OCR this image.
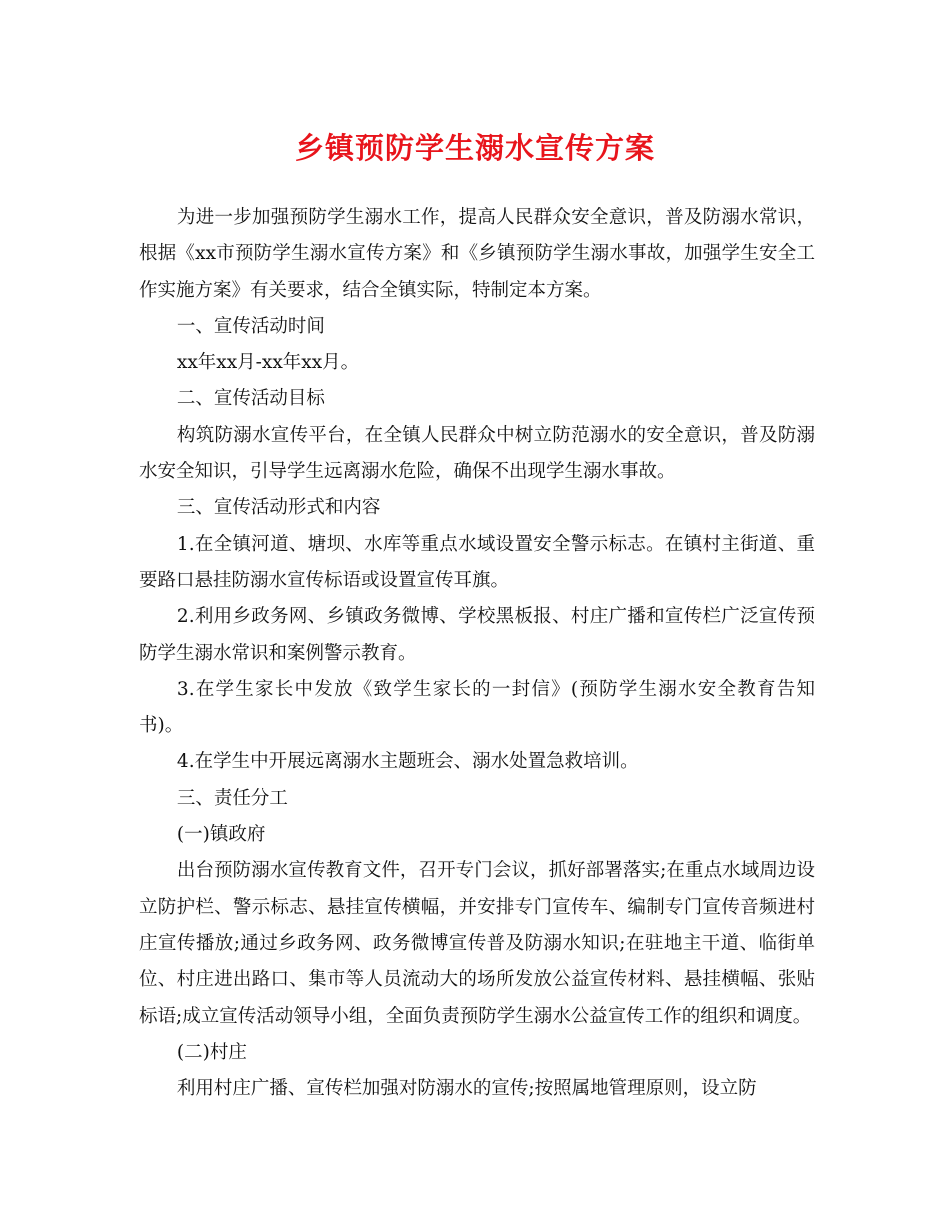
乡镇预防学生溺水宣传方案

为进一步加强预防学生溺水工作，提高人民群众安全意识，普及防溺水常识，根据《xx市预防学生溺水宣传方案》和《乡镇预防学生溺水事故，加强学生安全工作实施方案》有关要求，结合全镇实际，特制定本方案。

一、宣传活动时间

xx年xx月-xx年xx月。

二、宣传活动目标

构筑防溺水宣传平台，在全镇人民群众中树立防范溺水的安全意识，普及防溺水安全知识，引导学生远离溺水危险，确保不出现学生溺水事故。

三、宣传活动形式和内容

1.在全镇河道、塘坝、水库等重点水域设置安全警示标志。在镇村主街道、重要路口悬挂防溺水宣传标语或设置宣传耳旗。

2.利用乡政务网、乡镇政务微博、学校黑板报、村庄广播和宣传栏广泛宣传预防学生溺水常识和案例警示教育。

3.在学生家长中发放《致学生家长的一封信》(预防学生溺水安全教育告知书)。

4.在学生中开展远离溺水主题班会、溺水处置急救培训。

三、责任分工

(一)镇政府

出台预防溺水宣传教育文件，召开专门会议，抓好部署落实;在重点水域周边设立防护栏、警示标志、悬挂宣传横幅，并安排专门宣传车、编制专门宣传音频进村庄宣传播放;通过乡政务网、政务微博宣传普及防溺水知识;在驻地主干道、临街单位、村庄进出路口、集市等人员流动大的场所发放公益宣传材料、悬挂横幅、张贴标语;成立宣传活动领导小组，全面负责预防学生溺水公益宣传工作的组织和调度。

(二)村庄

利用村庄广播、宣传栏加强对防溺水的宣传;按照属地管理原则，设立防
